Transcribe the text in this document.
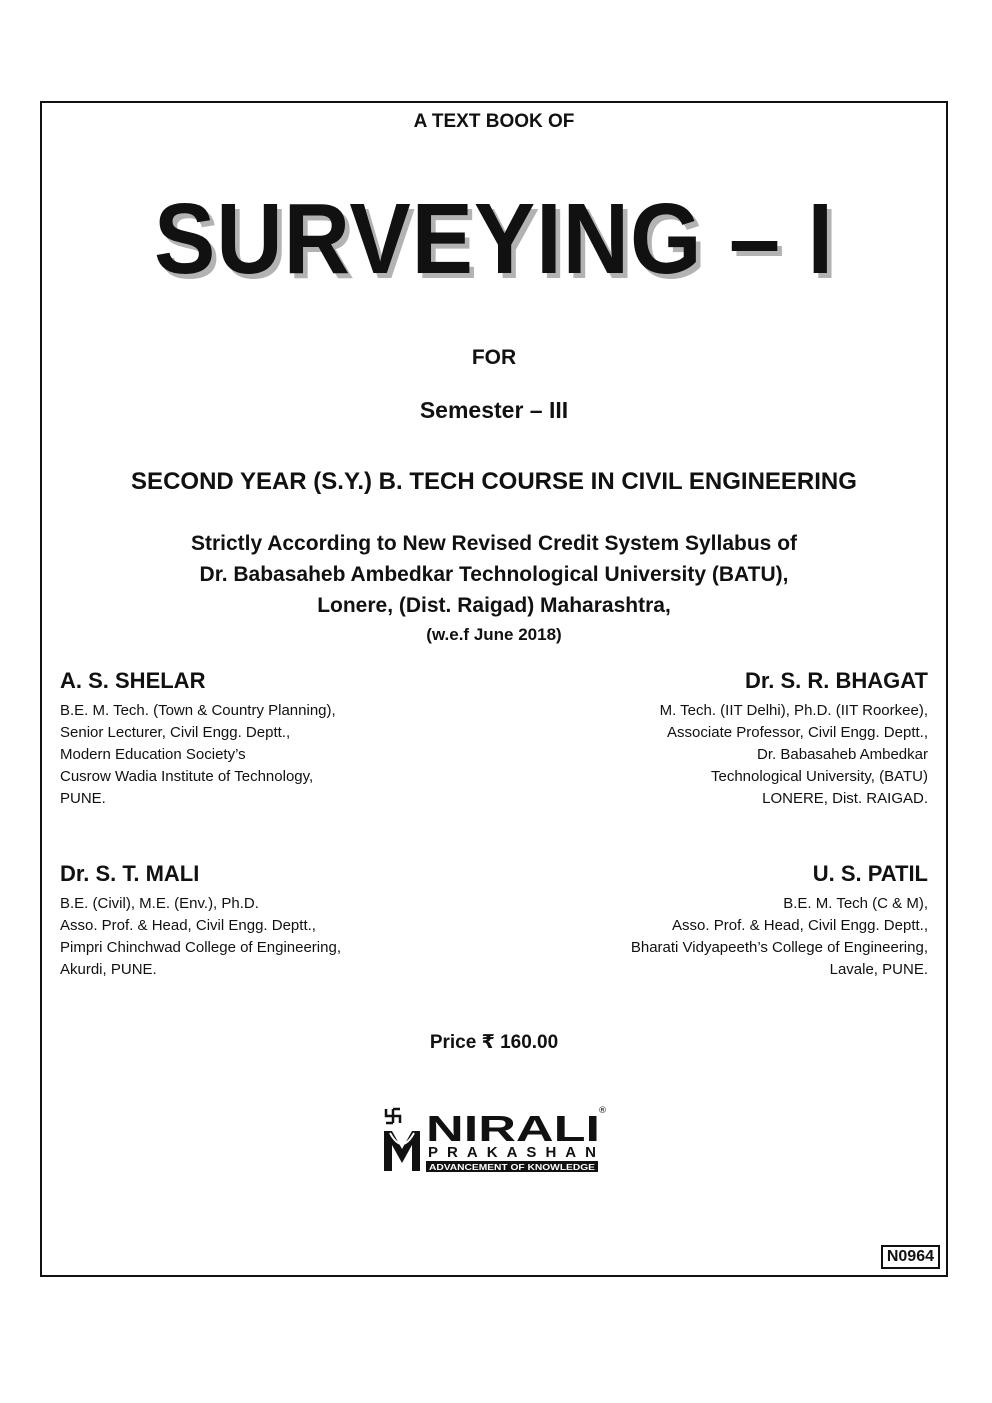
A TEXT BOOK OF
SURVEYING – I
FOR
Semester – III
SECOND YEAR (S.Y.) B. TECH COURSE IN CIVIL ENGINEERING
Strictly According to New Revised Credit System Syllabus of
Dr. Babasaheb Ambedkar Technological University (BATU),
Lonere, (Dist. Raigad) Maharashtra,
(w.e.f June 2018)
A. S. SHELAR
B.E. M. Tech. (Town & Country Planning),
Senior Lecturer, Civil Engg. Deptt.,
Modern Education Society’s
Cusrow Wadia Institute of Technology,
PUNE.
Dr. S. R. BHAGAT
M. Tech. (IIT Delhi), Ph.D. (IIT Roorkee),
Associate Professor, Civil Engg. Deptt.,
Dr. Babasaheb Ambedkar
Technological University, (BATU)
LONERE, Dist. RAIGAD.
Dr. S. T. MALI
B.E. (Civil), M.E. (Env.), Ph.D.
Asso. Prof. & Head, Civil Engg. Deptt.,
Pimpri Chinchwad College of Engineering,
Akurdi, PUNE.
U. S. PATIL
B.E. M. Tech (C & M),
Asso. Prof. & Head, Civil Engg. Deptt.,
Bharati Vidyapeeth’s College of Engineering,
Lavale, PUNE.
Price ₹ 160.00
NIRALI
®
PRAKASHAN
ADVANCEMENT OF KNOWLEDGE
N0964
